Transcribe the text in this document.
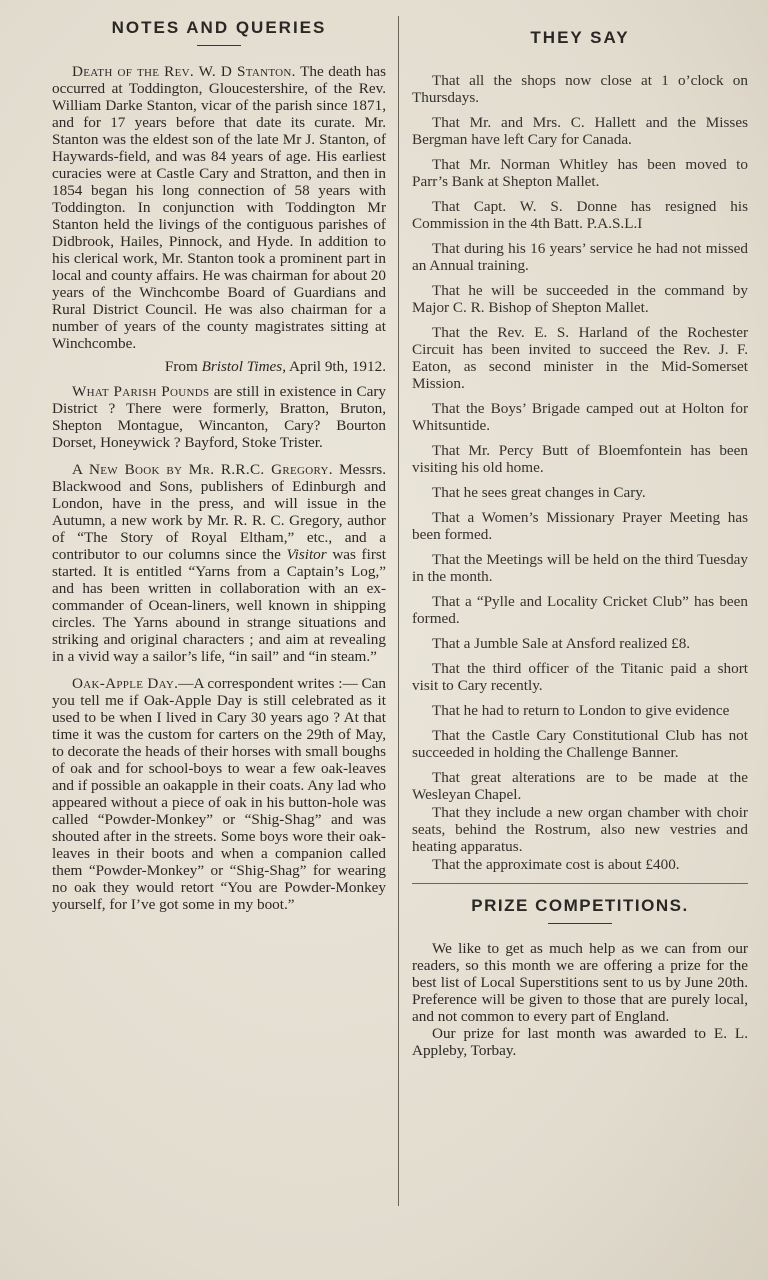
NOTES AND QUERIES

Death of the Rev. W. D Stanton. The death has occurred at Toddington, Gloucestershire, of the Rev. William Darke Stanton, vicar of the parish since 1871, and for 17 years before that date its curate. Mr. Stanton was the eldest son of the late Mr J. Stanton, of Haywards-field, and was 84 years of age. His earliest curacies were at Castle Cary and Stratton, and then in 1854 began his long connection of 58 years with Toddington. In conjunction with Toddington Mr Stanton held the livings of the contiguous parishes of Didbrook, Hailes, Pinnock, and Hyde. In addition to his clerical work, Mr. Stanton took a prominent part in local and county affairs. He was chairman for about 20 years of the Winchcombe Board of Guardians and Rural District Council. He was also chairman for a number of years of the county magistrates sitting at Winchcombe.

From Bristol Times, April 9th, 1912.

What Parish Pounds are still in existence in Cary District ? There were formerly, Bratton, Bruton, Shepton Montague, Wincanton, Cary? Bourton Dorset, Honeywick ? Bayford, Stoke Trister.

A New Book by Mr. R.R.C. Gregory. Messrs. Blackwood and Sons, publishers of Edinburgh and London, have in the press, and will issue in the Autumn, a new work by Mr. R. R. C. Gregory, author of “The Story of Royal Eltham,” etc., and a contributor to our columns since the Visitor was first started. It is entitled “Yarns from a Captain’s Log,” and has been written in collaboration with an ex-commander of Ocean-liners, well known in shipping circles. The Yarns abound in strange situations and striking and original characters ; and aim at revealing in a vivid way a sailor’s life, “in sail” and “in steam.”

Oak-Apple Day.—A correspondent writes :— Can you tell me if Oak-Apple Day is still celebrated as it used to be when I lived in Cary 30 years ago ? At that time it was the custom for carters on the 29th of May, to decorate the heads of their horses with small boughs of oak and for school-boys to wear a few oak-leaves and if possible an oakapple in their coats. Any lad who appeared without a piece of oak in his button-hole was called “Powder-Monkey” or “Shig-Shag” and was shouted after in the streets. Some boys wore their oak-leaves in their boots and when a companion called them “Powder-Monkey” or “Shig-Shag” for wearing no oak they would retort “You are Powder-Monkey yourself, for I’ve got some in my boot.”

THEY SAY

That all the shops now close at 1 o’clock on Thursdays.

That Mr. and Mrs. C. Hallett and the Misses Bergman have left Cary for Canada.

That Mr. Norman Whitley has been moved to Parr’s Bank at Shepton Mallet.

That Capt. W. S. Donne has resigned his Commission in the 4th Batt. P.A.S.L.I

That during his 16 years’ service he had not missed an Annual training.

That he will be succeeded in the command by Major C. R. Bishop of Shepton Mallet.

That the Rev. E. S. Harland of the Rochester Circuit has been invited to succeed the Rev. J. F. Eaton, as second minister in the Mid-Somerset Mission.

That the Boys’ Brigade camped out at Holton for Whitsuntide.

That Mr. Percy Butt of Bloemfontein has been visiting his old home.

That he sees great changes in Cary.

That a Women’s Missionary Prayer Meeting has been formed.

That the Meetings will be held on the third Tuesday in the month.

That a “Pylle and Locality Cricket Club” has been formed.

That a Jumble Sale at Ansford realized £8.

That the third officer of the Titanic paid a short visit to Cary recently.

That he had to return to London to give evidence

That the Castle Cary Constitutional Club has not succeeded in holding the Challenge Banner.

That great alterations are to be made at the Wesleyan Chapel.

That they include a new organ chamber with choir seats, behind the Rostrum, also new vestries and heating apparatus.

That the approximate cost is about £400.

PRIZE COMPETITIONS.

We like to get as much help as we can from our readers, so this month we are offering a prize for the best list of Local Superstitions sent to us by June 20th. Preference will be given to those that are purely local, and not common to every part of England.

Our prize for last month was awarded to E. L. Appleby, Torbay.
